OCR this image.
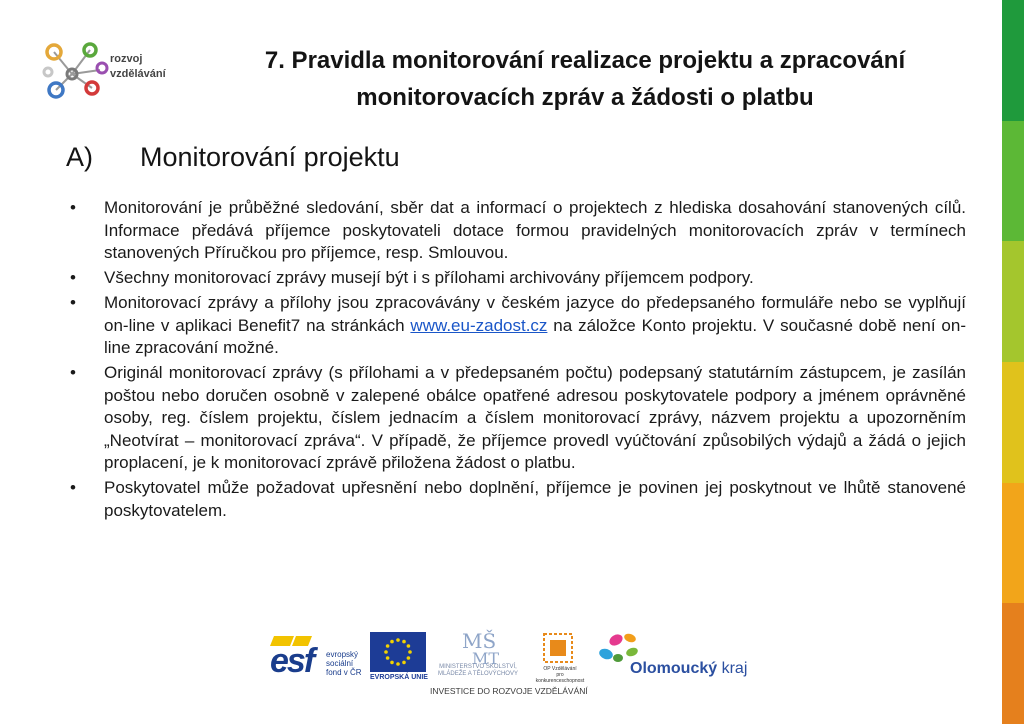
rozvoj
vzdělávání	7. Pravidla monitorování realizace projektu a zpracování monitorovacích zpráv a žádosti o platbu
A) Monitorování projektu
•	Monitorování je průběžné sledování, sběr dat a informací o projektech z hlediska dosahování stanovených cílů. Informace předává příjemce poskytovateli dotace formou pravidelných monitorovacích zpráv v termínech stanovených Příručkou pro příjemce, resp. Smlouvou.
•	Všechny monitorovací zprávy musejí být i s přílohami archivovány příjemcem podpory.
•	Monitorovací zprávy a přílohy jsou zpracovávány v českém jazyce do předepsaného formuláře nebo se vyplňují on-line v aplikaci Benefit7 na stránkách www.eu-zadost.cz na záložce Konto projektu. V současné době není on-line zpracování možné.
•	Originál monitorovací zprávy (s přílohami a v předepsaném počtu) podepsaný statutárním zástupcem, je zasílán poštou nebo doručen osobně v zalepené obálce opatřené adresou poskytovatele podpory a jménem oprávněné osoby, reg. číslem projektu, číslem jednacím a číslem monitorovací zprávy, názvem projektu a upozorněním „Neotvírat – monitorovací zpráva“. V případě, že příjemce provedl vyúčtování způsobilých výdajů a žádá o jejich proplacení, je k monitorovací zprávě přiložena žádost o platbu.
•	Poskytovatel může požadovat upřesnění nebo doplnění, příjemce je povinen jej poskytnout ve lhůtě stanovené poskytovatelem.
esf evropský
sociální
fond v ČR
EVROPSKÁ UNIE
MŠ
MT
MINISTERSTVO ŠKOLSTVÍ,
MLÁDEŽE A TĚLOVÝCHOVY
OP Vzdělávání
pro konkurenceschopnost
Olomoucký kraj
INVESTICE DO ROZVOJE VZDĚLÁVÁNÍ
